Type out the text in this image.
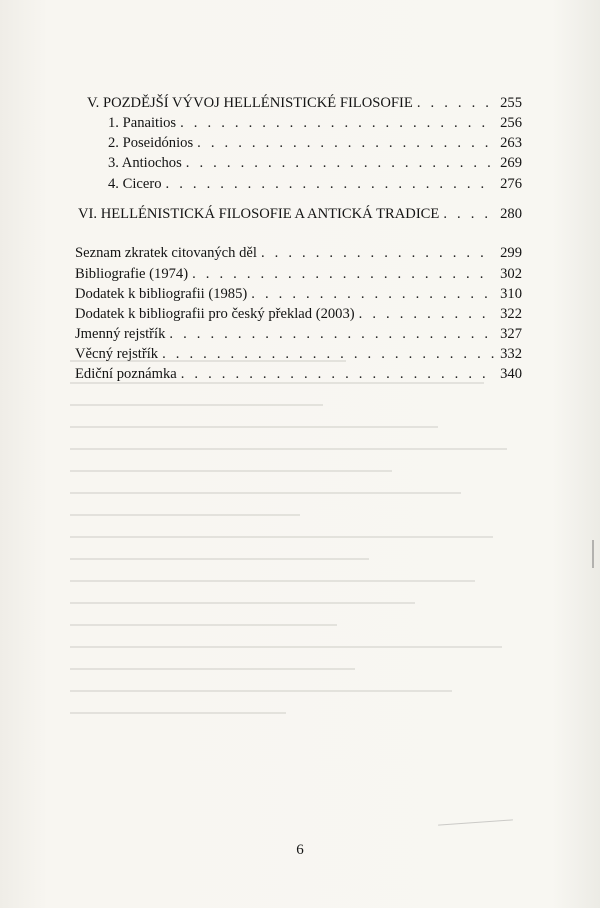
V. POZDĚJŠÍ VÝVOJ HELLÉNISTICKÉ FILOSOFIE . . .	255
1. Panaitios . . .	256
2. Poseidónios . . .	263
3. Antiochos . . .	269
4. Cicero . . .	276
VI. HELLÉNISTICKÁ FILOSOFIE A ANTICKÁ TRADICE . . .	280
Seznam zkratek citovaných děl . . .	299
Bibliografie (1974) . . .	302
Dodatek k bibliografii (1985) . . .	310
Dodatek k bibliografii pro český překlad (2003) . . .	322
Jmenný rejstřík . . .	327
Věcný rejstřík . . .	332
Ediční poznámka . . .	340
6
